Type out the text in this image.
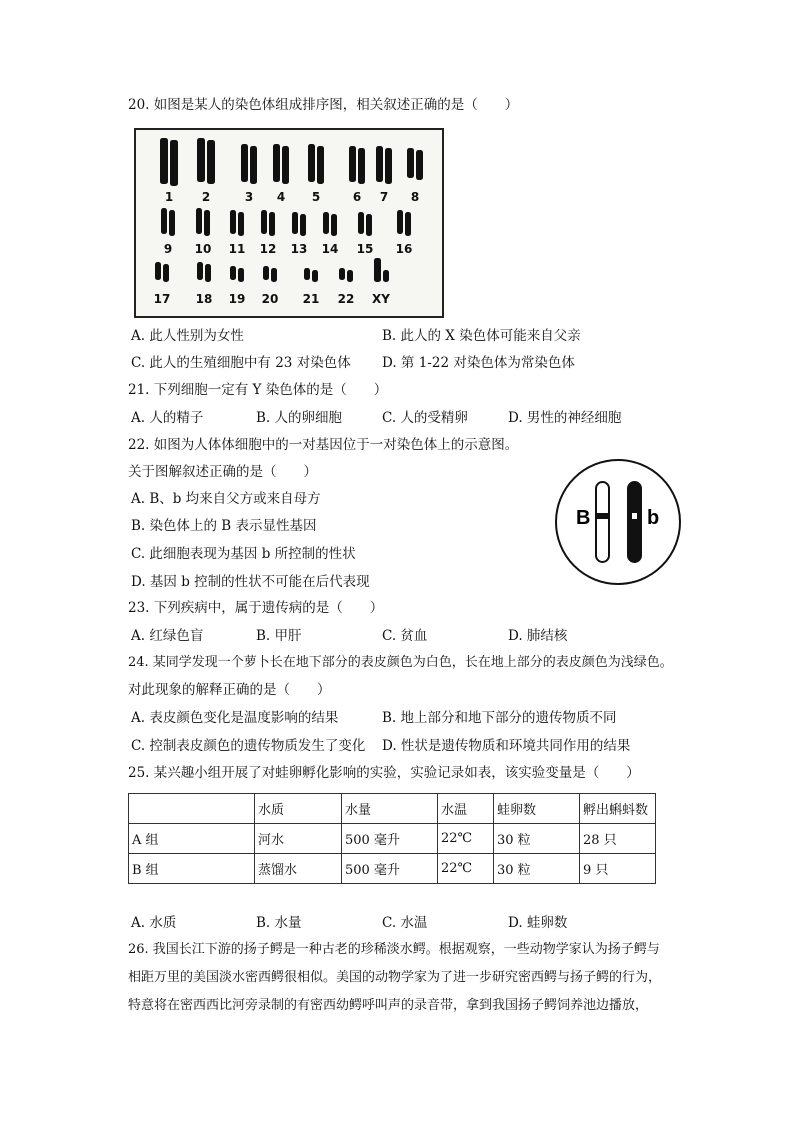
20. 如图是某人的染色体组成排序图，相关叙述正确的是（　　）
1 2	3 4 5	6 7 8
9 10 11 12 13 14 15 16
17 18 19 20 21 22 XY
A. 此人性别为女性	B. 此人的 X 染色体可能来自父亲
C. 此人的生殖细胞中有 23 对染色体 D. 第 1-22 对染色体为常染色体
21. 下列细胞一定有 Y 染色体的是（　　）
A. 人的精子	B. 人的卵细胞	C. 人的受精卵	D. 男性的神经细胞
22. 如图为人体体细胞中的一对基因位于一对染色体上的示意图。
关于图解叙述正确的是（　　）
A. B、b 均来自父方或来自母方
B. 染色体上的 B 表示显性基因
C. 此细胞表现为基因 b 所控制的性状
D. 基因 b 控制的性状不可能在后代表现
B	b
23. 下列疾病中，属于遗传病的是（　　）
A. 红绿色盲	B. 甲肝	C. 贫血	D. 肺结核
24. 某同学发现一个萝卜长在地下部分的表皮颜色为白色，长在地上部分的表皮颜色为浅绿色。
对此现象的解释正确的是（　　）
A. 表皮颜色变化是温度影响的结果	B. 地上部分和地下部分的遗传物质不同
C. 控制表皮颜色的遗传物质发生了变化 D. 性状是遗传物质和环境共同作用的结果
25. 某兴趣小组开展了对蛙卵孵化影响的实验，实验记录如表，该实验变量是（　　）
	水质	水量	水温	蛙卵数	孵出蝌蚪数
A 组	河水	500 毫升	22℃	30 粒	28 只
B 组	蒸馏水	500 毫升	22℃	30 粒	9 只
A. 水质	B. 水量	C. 水温	D. 蛙卵数
26. 我国长江下游的扬子鳄是一种古老的珍稀淡水鳄。根据观察，一些动物学家认为扬子鳄与
相距万里的美国淡水密西鳄很相似。美国的动物学家为了进一步研究密西鳄与扬子鳄的行为，
特意将在密西西比河旁录制的有密西幼鳄呼叫声的录音带，拿到我国扬子鳄饲养池边播放，
